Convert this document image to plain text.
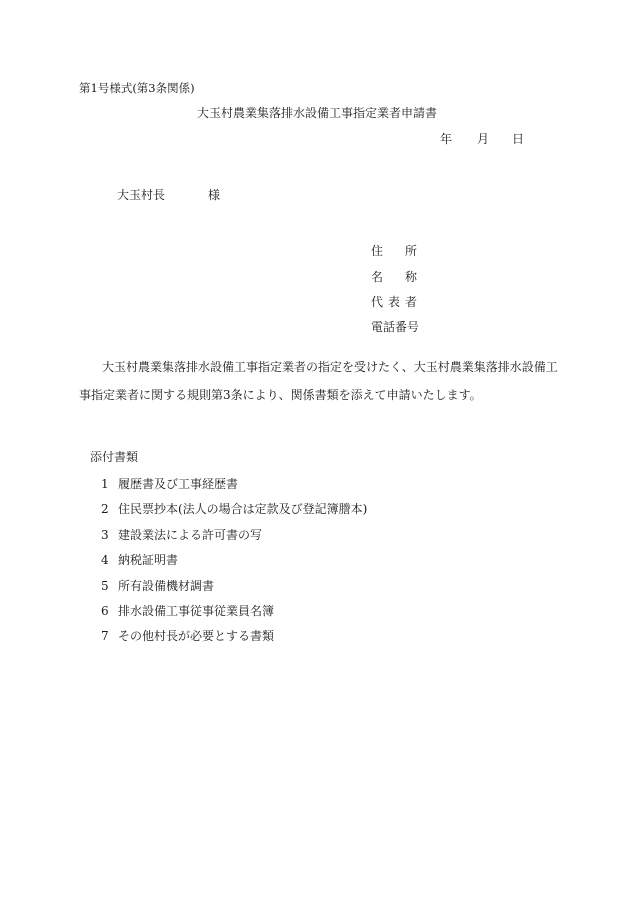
第1号様式(第3条関係)
大玉村農業集落排水設備工事指定業者申請書
年 月 日
大玉村長	様
住 所
名 称
代 表 者
電話番号
大玉村農業集落排水設備工事指定業者の指定を受けたく、大玉村農業集落排水設備工
事指定業者に関する規則第3条により、関係書類を添えて申請いたします。
添付書類
1 履歴書及び工事経歴書
2 住民票抄本(法人の場合は定款及び登記簿謄本)
3 建設業法による許可書の写
4 納税証明書
5 所有設備機材調書
6 排水設備工事従事従業員名簿
7 その他村長が必要とする書類
